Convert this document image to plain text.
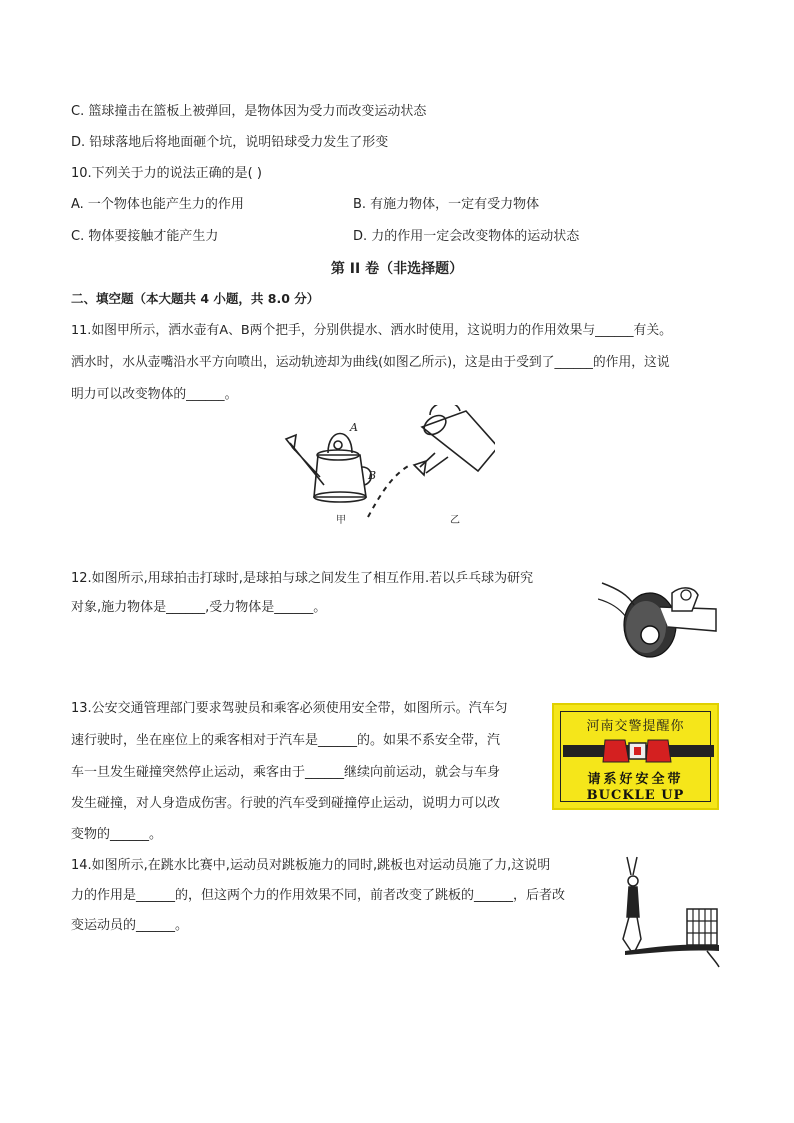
C. 篮球撞击在篮板上被弹回，是物体因为受力而改变运动状态
D. 铅球落地后将地面砸个坑，说明铅球受力发生了形变
10.下列关于力的说法正确的是( )
A. 一个物体也能产生力的作用	B. 有施力物体，一定有受力物体
C. 物体要接触才能产生力	D. 力的作用一定会改变物体的运动状态
第 II 卷（非选择题）
二、填空题（本大题共 4 小题，共 8.0 分）
11.如图甲所示，洒水壶有A、B两个把手，分别供提水、洒水时使用，这说明力的作用效果与______有关。
洒水时，水从壶嘴沿水平方向喷出，运动轨迹却为曲线(如图乙所示)，这是由于受到了______的作用，这说
明力可以改变物体的______。
A
B
甲	乙
12.如图所示,用球拍击打球时,是球拍与球之间发生了相互作用.若以乒乓球为研究
对象,施力物体是______,受力物体是______。
13.公安交通管理部门要求驾驶员和乘客必须使用安全带，如图所示。汽车匀
速行驶时，坐在座位上的乘客相对于汽车是______的。如果不系安全带，汽
车一旦发生碰撞突然停止运动，乘客由于______继续向前运动，就会与车身
发生碰撞，对人身造成伤害。行驶的汽车受到碰撞停止运动，说明力可以改
变物的______。
河南交警提醒你
请系好安全带
BUCKLE UP
14.如图所示,在跳水比赛中,运动员对跳板施力的同时,跳板也对运动员施了力,这说明
力的作用是______的，但这两个力的作用效果不同，前者改变了跳板的______，后者改
变运动员的______。
